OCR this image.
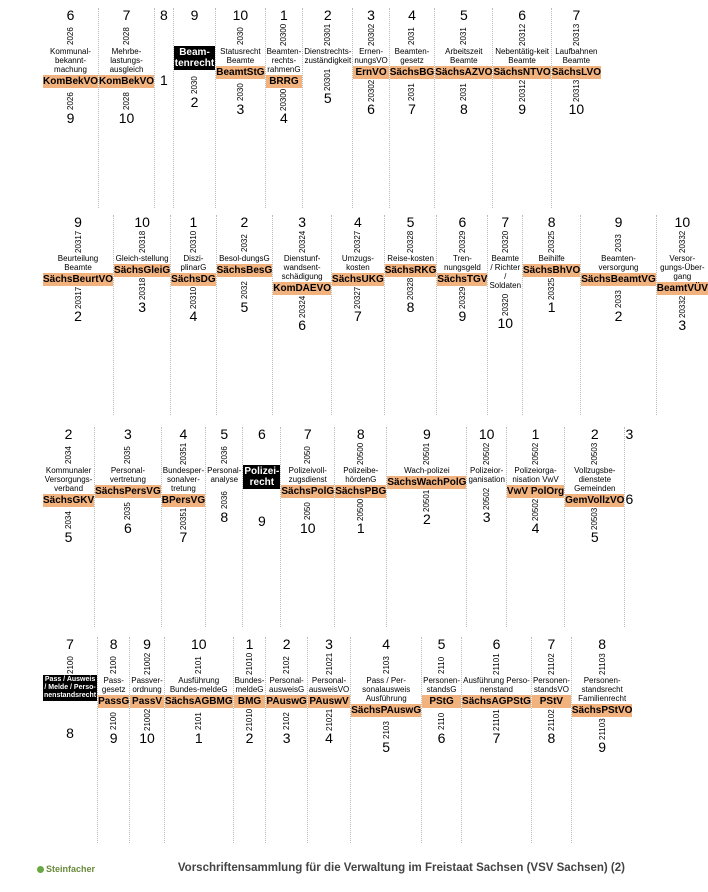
6
2026
Kommunal-bekannt-machung
KomBekVO
2026
9
7
2028
Mehrbe-lastungs-ausgleich
KomBekVO
2028
10
8
1
9
Beam-tenrecht
2030
2
10
2030
Statusrecht Beamte
BeamtStG
2030
3
1
20300
Beamten-rechts-rahmenG
BRRG
20300
4
2
20301
Dienstrechts-zuständigkeit
20301
5
3
20302
Ernen-nungsVO
ErnVO
20302
6
4
2031
Beamten-gesetz
SächsBG
2031
7
5
2031
Arbeitszeit Beamte
SächsAZVO
2031
8
6
20312
Nebentätig-keit Beamte
SächsNTVO
20312
9
7
20313
Laufbahnen Beamte
SächsLVO
20313
10
9
20317
Beurteilung Beamte
SächsBeurtVO
20317
2
10
20318
Gleich-stellung
SächsGleiG
20318
3
1
20310
Diszi-plinarG
SächsDG
20310
4
2
2032
Besol-dungsG
SächsBesG
2032
5
3
20324
Dienstunf-wandsent-schädigung
KomDAEVO
20324
6
4
20327
Umzugs-kosten
SächsUKG
20327
7
5
20328
Reise-kosten
SächsRKG
20328
8
6
20329
Tren-nungsgeld
SächsTGV
20329
9
7
20320
Beamte / Richter / Soldaten
20320
10
8
20325
Beihilfe
SächsBhVO
20325
1
9
2033
Beamten-versorgung
SächsBeamtVG
2033
2
10
20332
Versor-gungs-Über-gang
BeamtVÜV
20332
3
2
2034
Kommunaler Versorgungs-verband
SächsGKV
2034
5
3
2035
Personal-vertretung
SächsPersVG
2035
6
4
20351
Bundesper-sonalver-tretung
BPersVG
20351
7
5
2036
Personal-analyse
2036
8
6
Polizei-recht
9
7
2050
Polizeivoll-zugsdienst
SächsPolG
2050
10
8
20500
Polizeibe-hördenG
SächsPBG
20500
1
9
20501
Wach-polizei
SächsWachPolG
20501
2
10
20502
Polizeior-ganisation
20502
3
1
20502
Polizeiorga-nisation VwV
VwV PolOrg
20502
4
2
20503
Vollzugsbe-dienstete Gemeinden
GemVollzVO
20503
5
3
6
7
2100
Pass / Ausweis / Melde / Perso-nenstandsrecht
8
8
2100
Pass-gesetz
PassG
2100
9
9
21002
Passver-ordnung
PassV
21002
10
10
2101
Ausführung Bundes-meldeG
SächsAGBMG
2101
1
1
21010
Bundes-meldeG
BMG
21010
2
2
2102
Personal-ausweisG
PAuswG
2102
3
3
21021
Personal-ausweisVO
PAuswV
21021
4
4
2103
Pass / Per-sonalausweis Ausführung
SächsPAuswG
2103
5
5
2110
Personen-standsG
PStG
2110
6
6
21101
Ausführung Perso-nenstand
SächsAGPStG
21101
7
7
21102
Personen-standsVO
PStV
21102
8
8
21103
Personen-standsrecht Familienrecht
SächsPStVO
21103
9
Steinfacher	Vorschriftensammlung für die Verwaltung im Freistaat Sachsen (VSV Sachsen) (2)
